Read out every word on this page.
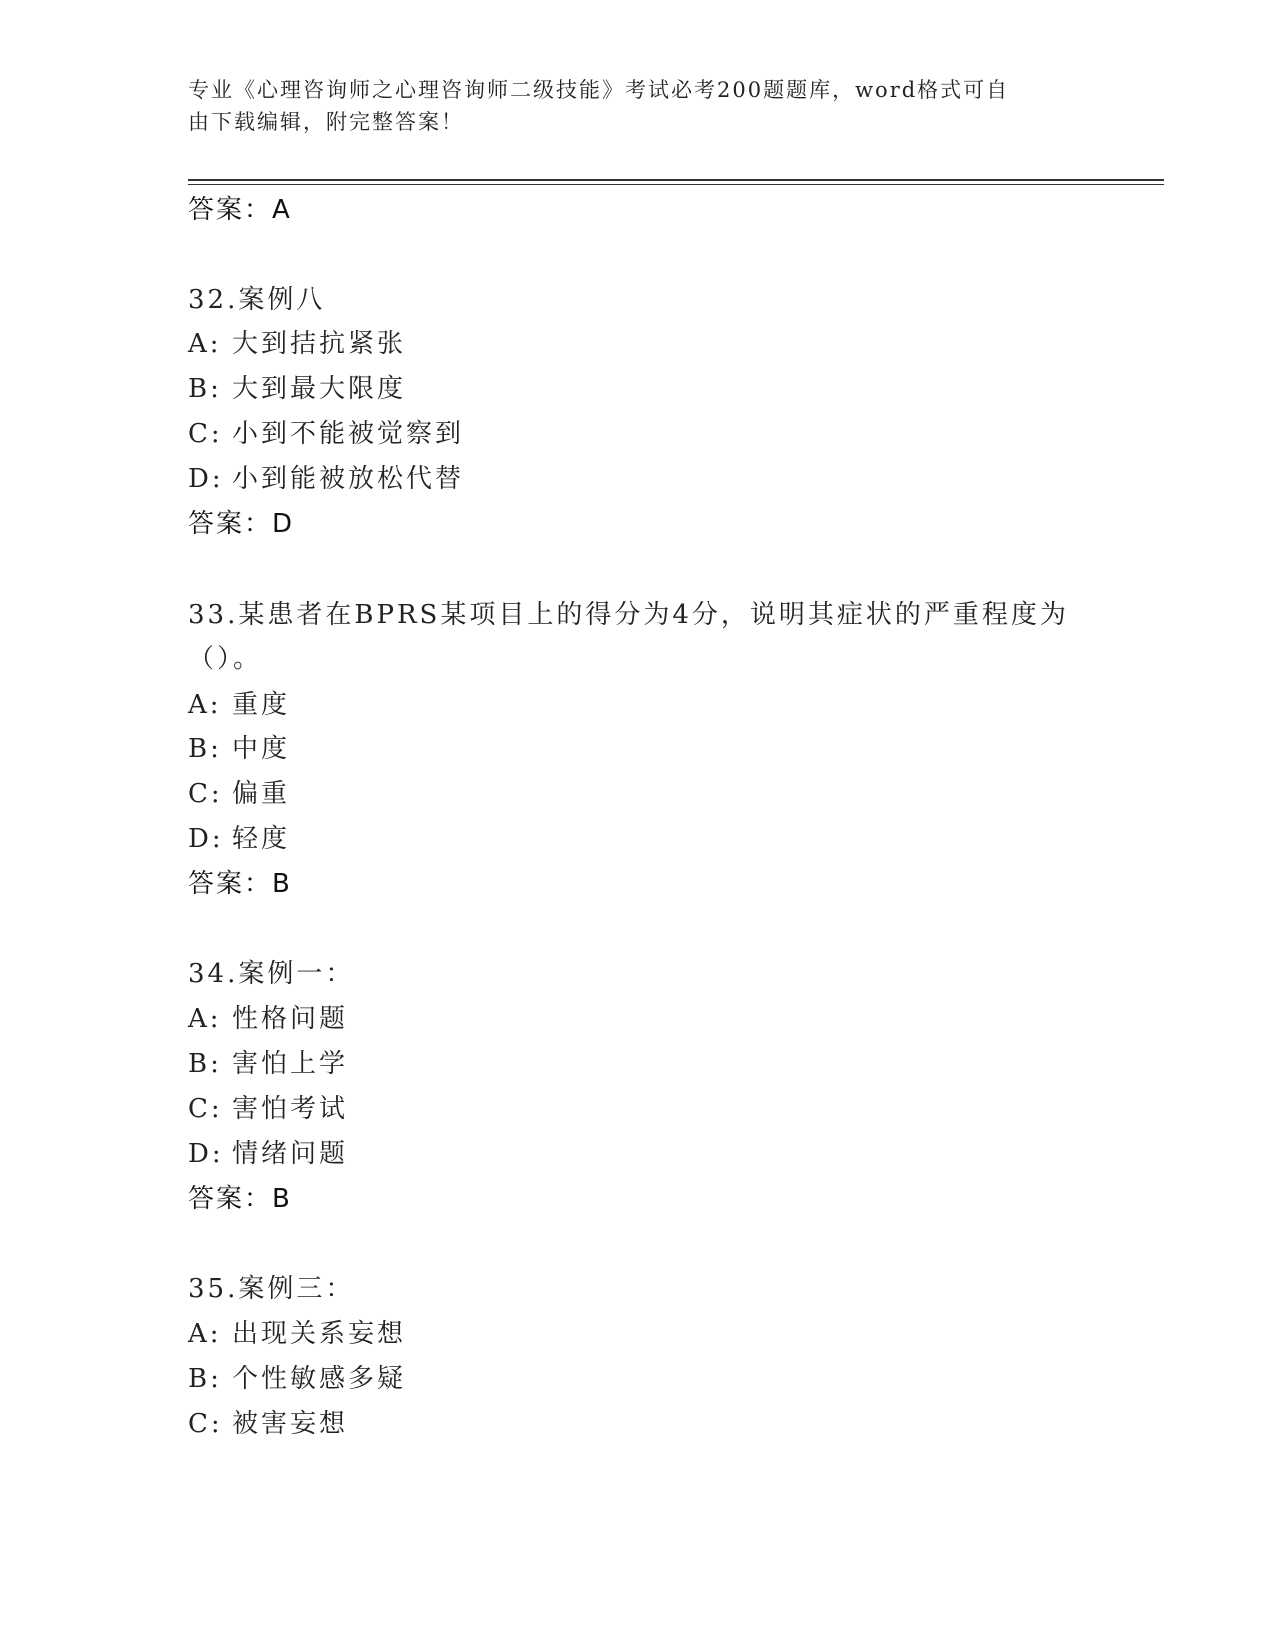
专业《心理咨询师之心理咨询师二级技能》考试必考200题题库，word格式可自
由下载编辑，附完整答案！
答案：A
32.案例八
A: 大到拮抗紧张
B: 大到最大限度
C: 小到不能被觉察到
D: 小到能被放松代替
答案：D
33.某患者在BPRS某项目上的得分为4分，说明其症状的严重程度为
（）。
A: 重度
B: 中度
C: 偏重
D: 轻度
答案：B
34.案例一：
A: 性格问题
B: 害怕上学
C: 害怕考试
D: 情绪问题
答案：B
35.案例三：
A: 出现关系妄想
B: 个性敏感多疑
C: 被害妄想
